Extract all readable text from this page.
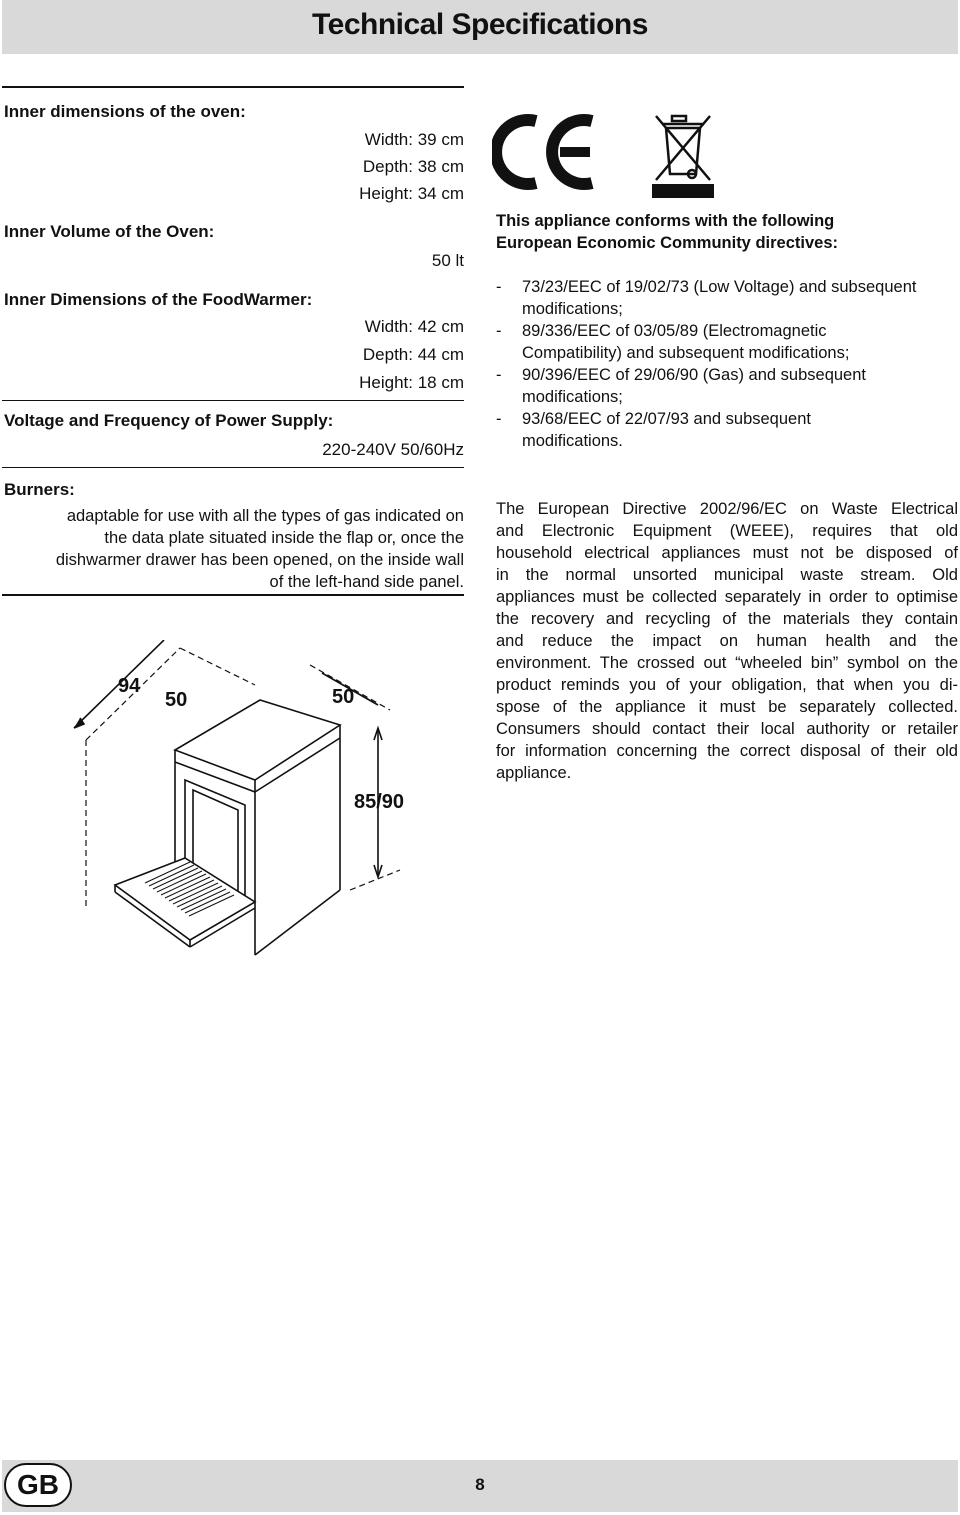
Technical Specifications
Inner dimensions of the oven:
Width: 39 cm
Depth: 38 cm
Height: 34 cm
Inner Volume of the Oven:
50 lt
Inner Dimensions of the FoodWarmer:
Width: 42 cm
Depth: 44 cm
Height: 18 cm
Voltage and Frequency of Power Supply:
220-240V 50/60Hz
Burners:
adaptable for use with all the types of gas indicated on
the data plate situated inside the flap or, once the
dishwarmer drawer has been opened, on the inside wall
of the left-hand side panel.
94
50	50
85/90
This appliance conforms with the following
European Economic Community directives:
- 73/23/EEC of 19/02/73 (Low Voltage) and subsequent
modifications;
- 89/336/EEC of 03/05/89 (Electromagnetic
Compatibility) and subsequent modifications;
- 90/396/EEC of 29/06/90 (Gas) and subsequent
modifications;
- 93/68/EEC of 22/07/93 and subsequent
modifications.
The European Directive 2002/96/EC on Waste Electrical
and Electronic Equipment (WEEE), requires that old
household electrical appliances must not be disposed of
in the normal unsorted municipal waste stream. Old
appliances must be collected separately in order to optimise
the recovery and recycling of the materials they contain
and reduce the impact on human health and the
environment. The crossed out “wheeled bin” symbol on the
product reminds you of your obligation, that when you di-
spose of the appliance it must be separately collected.
Consumers should contact their local authority or retailer
for information concerning the correct disposal of their old
appliance.
GB	8
